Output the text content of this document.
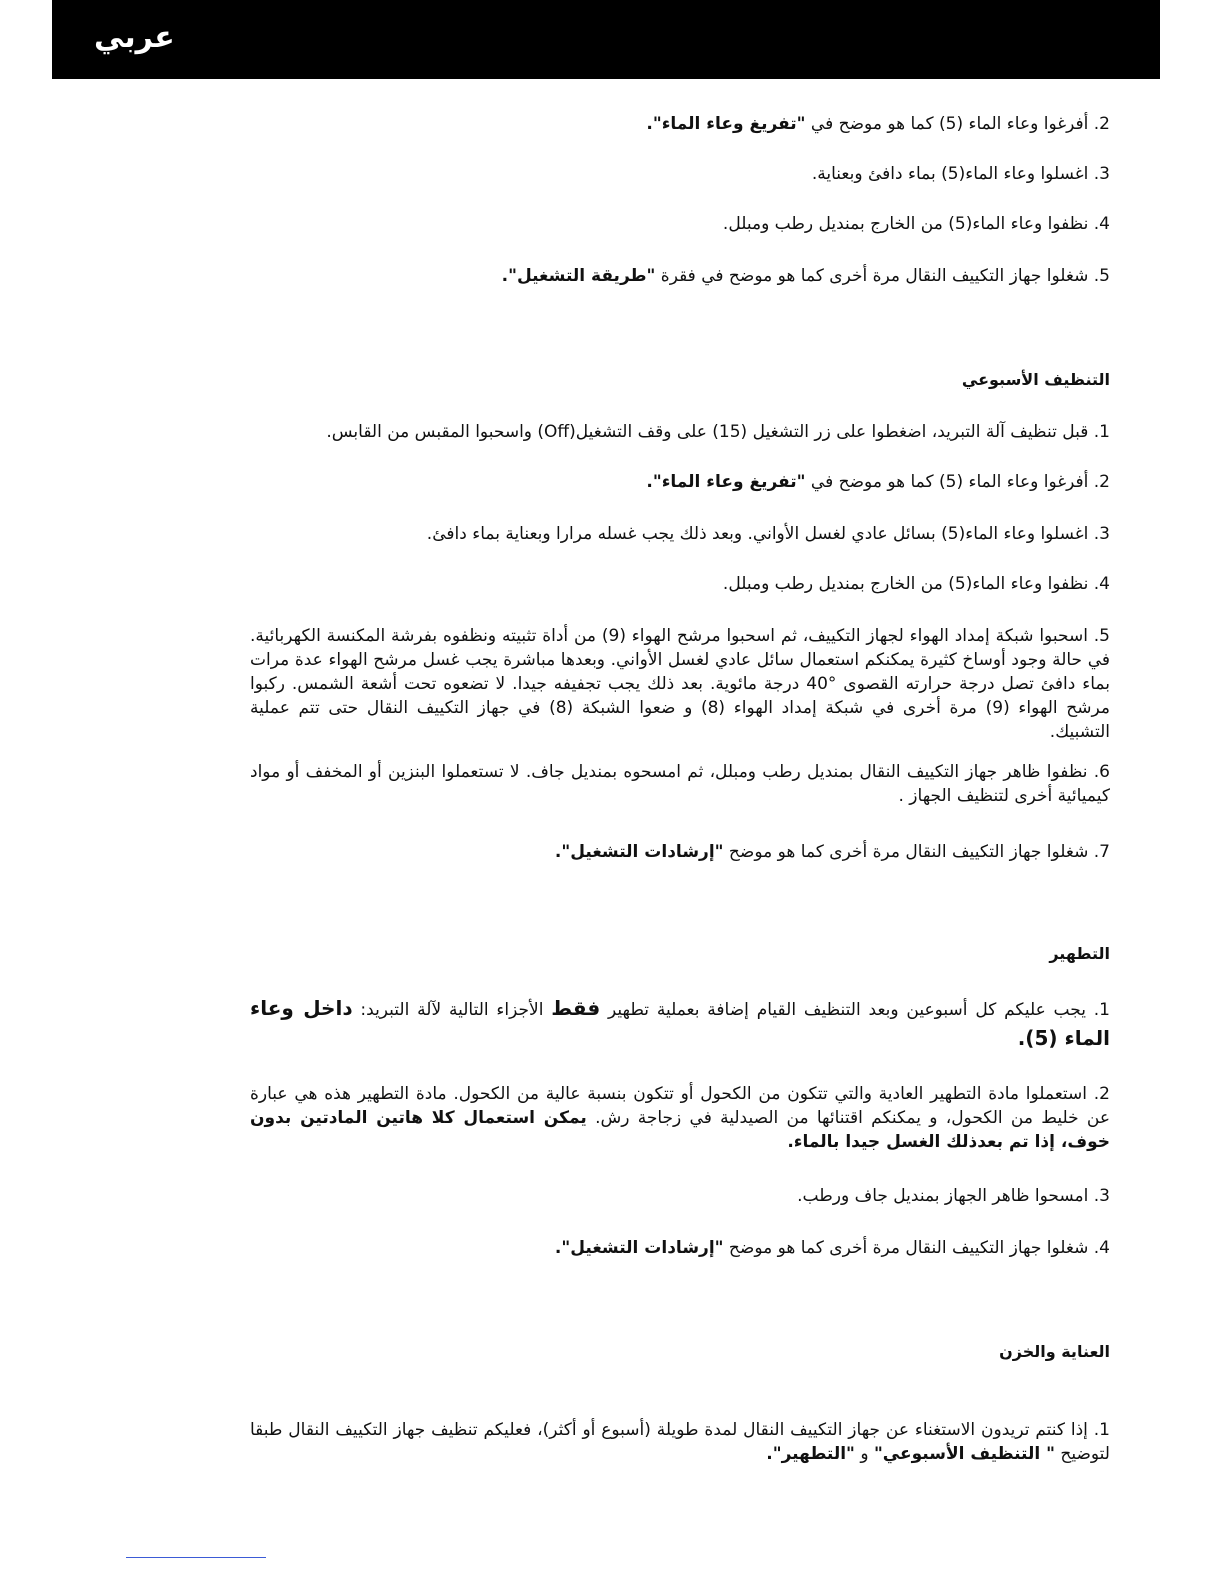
عربي
2. أفرغوا وعاء الماء (5) كما هو موضح في "تفريغ وعاء الماء".
3. اغسلوا وعاء الماء(5) بماء دافئ وبعناية.
4. نظفوا وعاء الماء(5) من الخارج بمنديل رطب ومبلل.
5. شغلوا جهاز التكييف النقال مرة أخرى كما هو موضح في فقرة "طريقة التشغيل".
التنظيف الأسبوعي
1. قبل تنظيف آلة التبريد، اضغطوا على زر التشغيل (15) على وقف التشغيل(Off) واسحبوا المقبس من القابس.
2. أفرغوا وعاء الماء (5) كما هو موضح في "تفريغ وعاء الماء".
3. اغسلوا وعاء الماء(5) بسائل عادي لغسل الأواني. وبعد ذلك يجب غسله مرارا وبعناية بماء دافئ.
4. نظفوا وعاء الماء(5) من الخارج بمنديل رطب ومبلل.
5. اسحبوا شبكة إمداد الهواء لجهاز التكييف، ثم اسحبوا مرشح الهواء (9) من أداة تثبيته ونظفوه بفرشة المكنسة الكهربائية. في حالة وجود أوساخ كثيرة يمكنكم استعمال سائل عادي لغسل الأواني. وبعدها مباشرة يجب غسل مرشح الهواء عدة مرات بماء دافئ تصل درجة حرارته القصوى °40 درجة مائوية. بعد ذلك يجب تجفيفه جيدا. لا تضعوه تحت أشعة الشمس. ركبوا مرشح الهواء (9) مرة أخرى في شبكة إمداد الهواء (8) و ضعوا الشبكة (8) في جهاز التكييف النقال حتى تتم عملية التشبيك.
6. نظفوا ظاهر جهاز التكييف النقال بمنديل رطب ومبلل، ثم امسحوه بمنديل جاف. لا تستعملوا البنزين أو المخفف أو مواد كيميائية أخرى لتنظيف الجهاز .
7. شغلوا جهاز التكييف النقال مرة أخرى كما هو موضح "إرشادات التشغيل".
التطهير
1. يجب عليكم كل أسبوعين وبعد التنظيف القيام إضافة بعملية تطهير فقط الأجزاء التالية لآلة التبريد: داخل وعاء الماء (5).
2. استعملوا مادة التطهير العادية والتي تتكون من الكحول أو تتكون بنسبة عالية من الكحول. مادة التطهير هذه هي عبارة عن خليط من الكحول، و يمكنكم اقتنائها من الصيدلية في زجاجة رش. يمكن استعمال كلا هاتين المادتين بدون خوف، إذا تم بعدذلك الغسل جيدا بالماء.
3. امسحوا ظاهر الجهاز بمنديل جاف ورطب.
4. شغلوا جهاز التكييف النقال مرة أخرى كما هو موضح "إرشادات التشغيل".
العناية والخزن
1. إذا كنتم تريدون الاستغناء عن جهاز التكييف النقال لمدة طويلة (أسبوع أو أكثر)، فعليكم تنظيف جهاز التكييف النقال طبقا لتوضيح " التنظيف الأسبوعي" و "التطهير".
